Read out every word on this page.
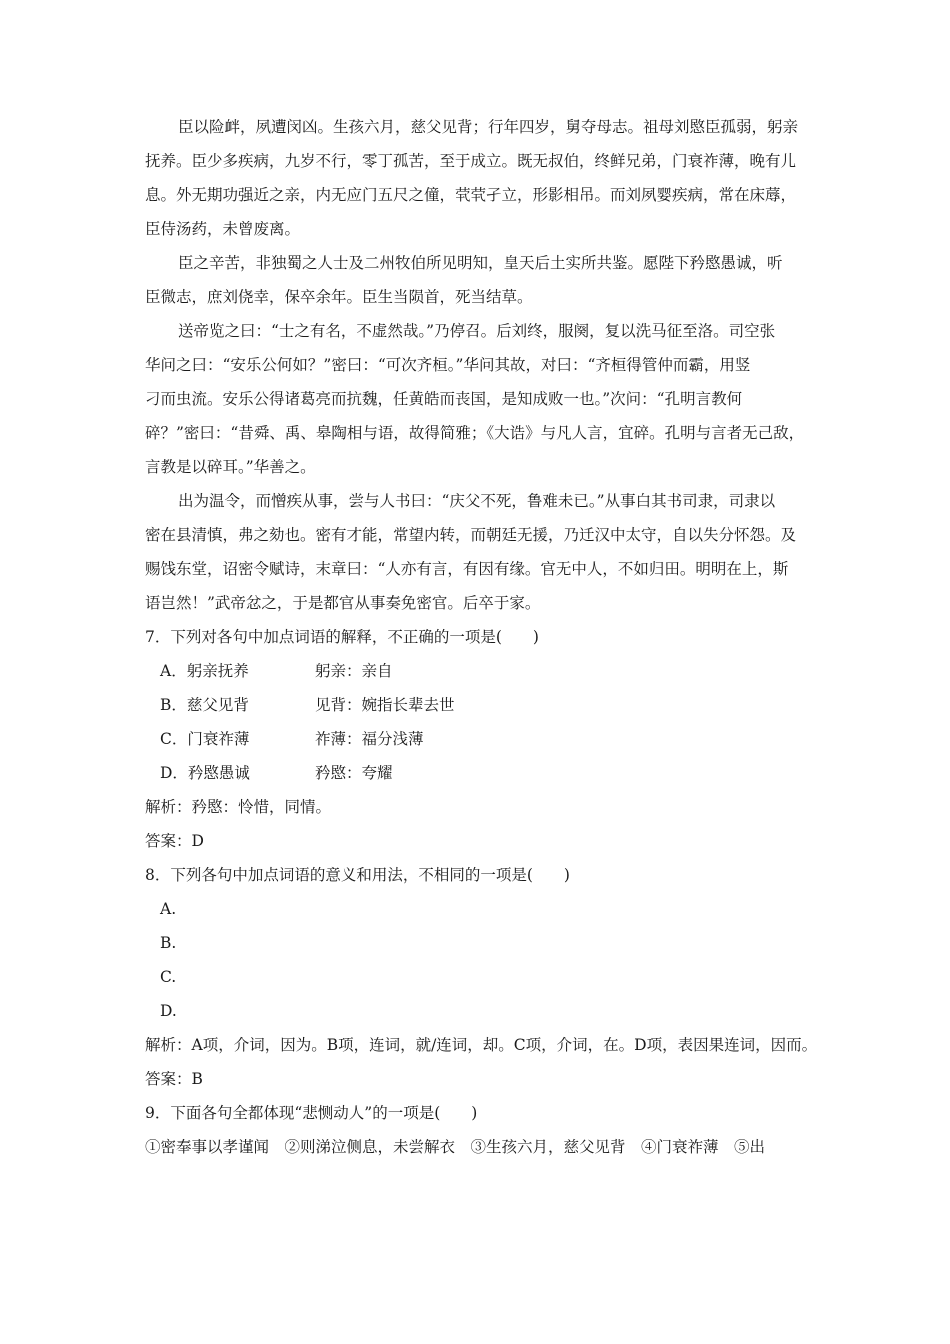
臣以险衅，夙遭闵凶。生孩六月，慈父见背；行年四岁，舅夺母志。祖母刘愍臣孤弱，躬亲
抚养。臣少多疾病，九岁不行，零丁孤苦，至于成立。既无叔伯，终鲜兄弟，门衰祚薄，晚有儿
息。外无期功强近之亲，内无应门五尺之僮，茕茕孑立，形影相吊。而刘夙婴疾病，常在床蓐，
臣侍汤药，未曾废离。
臣之辛苦，非独蜀之人士及二州牧伯所见明知，皇天后土实所共鉴。愿陛下矜愍愚诚，听
臣微志，庶刘侥幸，保卒余年。臣生当陨首，死当结草。
送帝览之曰：“士之有名，不虚然哉。”乃停召。后刘终，服阕，复以洗马征至洛。司空张
华问之曰：“安乐公何如？”密曰：“可次齐桓。”华问其故，对曰：“齐桓得管仲而霸，用竖
刁而虫流。安乐公得诸葛亮而抗魏，任黄皓而丧国，是知成败一也。”次问：“孔明言教何
碎？”密曰：“昔舜、禹、皋陶相与语，故得简雅；《大诰》与凡人言，宜碎。孔明与言者无己敌，
言教是以碎耳。”华善之。
出为温令，而憎疾从事，尝与人书曰：“庆父不死，鲁难未已。”从事白其书司隶，司隶以
密在县清慎，弗之劾也。密有才能，常望内转，而朝廷无援，乃迁汉中太守，自以失分怀怨。及
赐饯东堂，诏密令赋诗，末章曰：“人亦有言，有因有缘。官无中人，不如归田。明明在上，斯
语岂然！”武帝忿之，于是都官从事奏免密官。后卒于家。
7．下列对各句中加点词语的解释，不正确的一项是(　　)
A．躬亲抚养	躬亲：亲自
B．慈父见背	见背：婉指长辈去世
C．门衰祚薄	祚薄：福分浅薄
D．矜愍愚诚	矜愍：夸耀
解析：矜愍：怜惜，同情。
答案：D
8．下列各句中加点词语的意义和用法，不相同的一项是(　　)
A.
B.
C.
D.
解析：A项，介词，因为。B项，连词，就/连词，却。C项，介词，在。D项，表因果连词，因而。
答案：B
9．下面各句全都体现“悲恻动人”的一项是(　　)
①密奉事以孝谨闻　②则涕泣侧息，未尝解衣　③生孩六月，慈父见背　④门衰祚薄　⑤出
